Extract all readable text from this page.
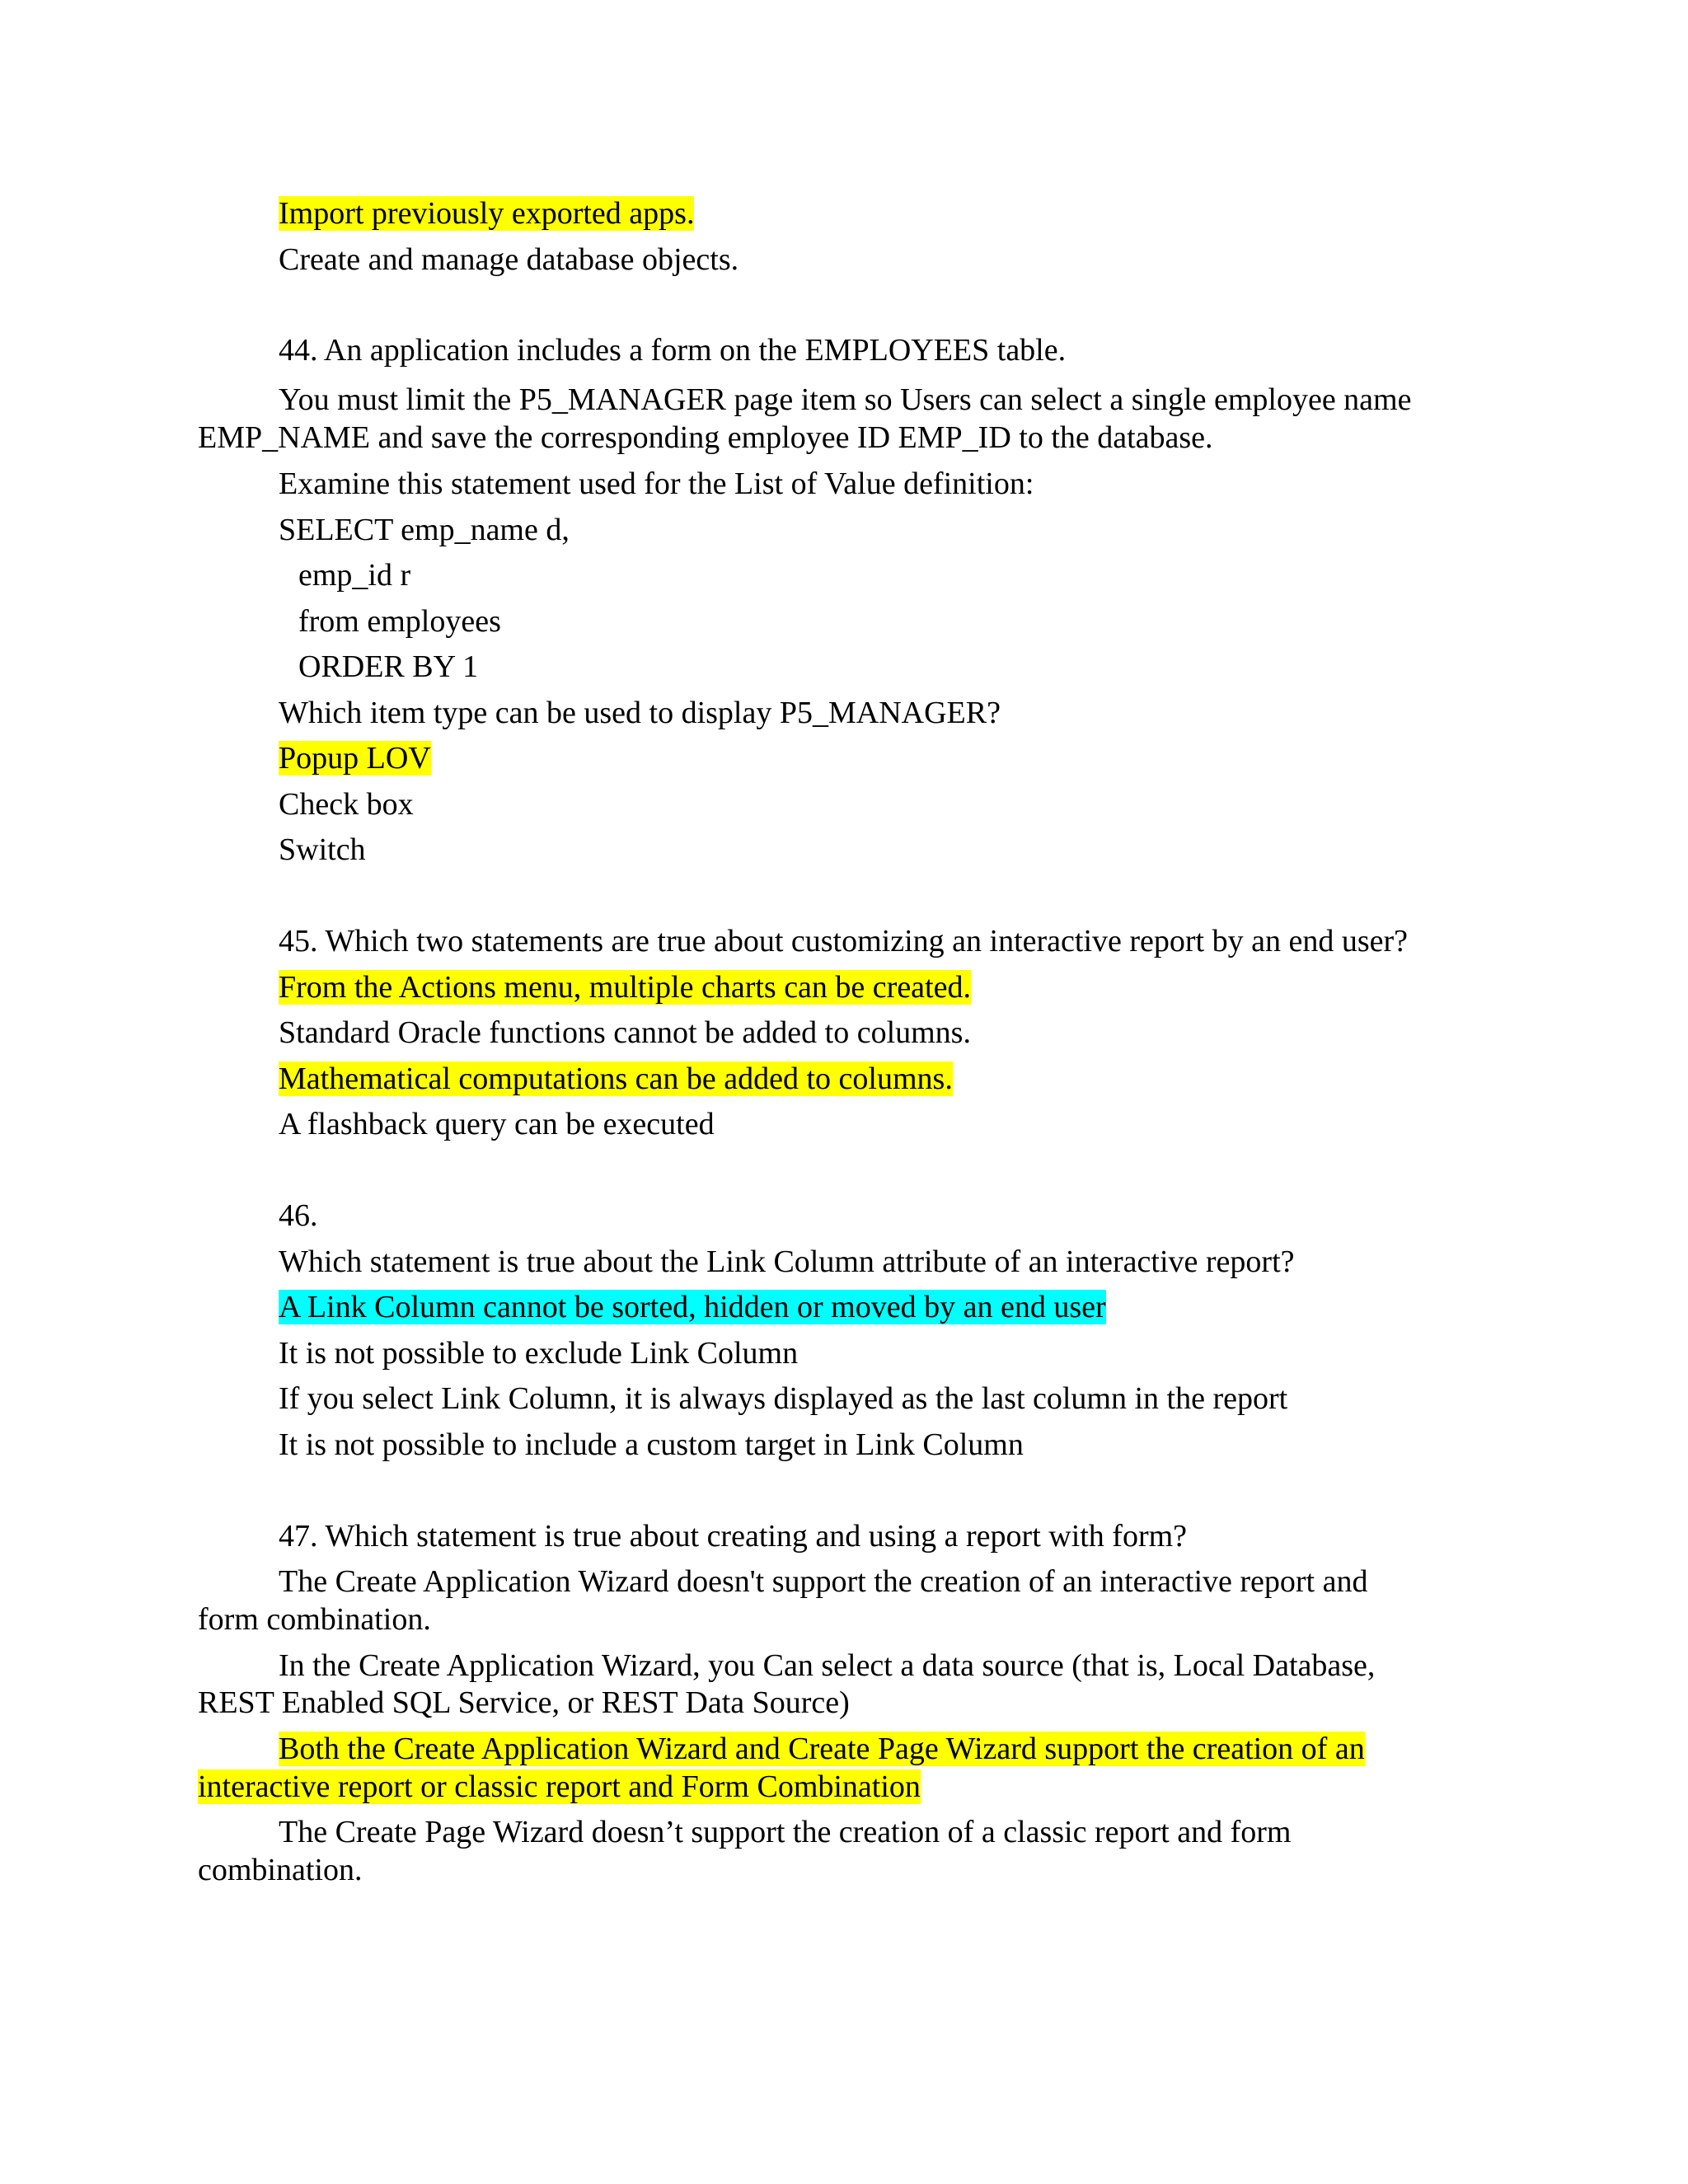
Import previously exported apps.
Create and manage database objects.
44. An application includes a form on the EMPLOYEES table.
You must limit the P5_MANAGER page item so Users can select a single employee name
EMP_NAME and save the corresponding employee ID EMP_ID to the database.
Examine this statement used for the List of Value definition:
SELECT emp_name d,
emp_id r
from employees
ORDER BY 1
Which item type can be used to display P5_MANAGER?
Popup LOV
Check box
Switch
45. Which two statements are true about customizing an interactive report by an end user?
From the Actions menu, multiple charts can be created.
Standard Oracle functions cannot be added to columns.
Mathematical computations can be added to columns.
A flashback query can be executed
46.
Which statement is true about the Link Column attribute of an interactive report?
A Link Column cannot be sorted, hidden or moved by an end user
It is not possible to exclude Link Column
If you select Link Column, it is always displayed as the last column in the report
It is not possible to include a custom target in Link Column
47. Which statement is true about creating and using a report with form?
The Create Application Wizard doesn't support the creation of an interactive report and
form combination.
In the Create Application Wizard, you Can select a data source (that is, Local Database,
REST Enabled SQL Service, or REST Data Source)
Both the Create Application Wizard and Create Page Wizard support the creation of an
interactive report or classic report and Form Combination
The Create Page Wizard doesn’t support the creation of a classic report and form
combination.
